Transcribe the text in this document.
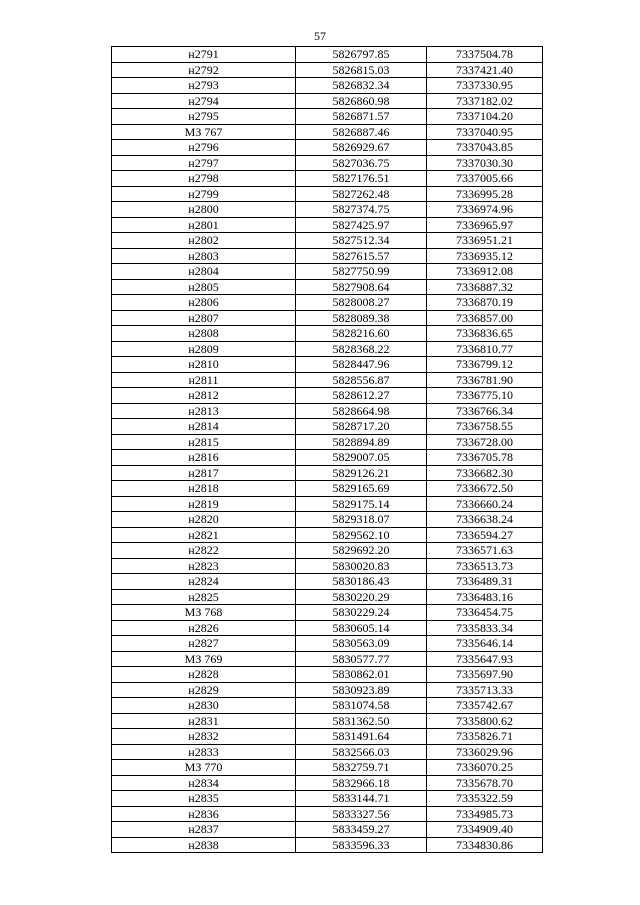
57
н2791	5826797.85	7337504.78
н2792	5826815.03	7337421.40
н2793	5826832.34	7337330.95
н2794	5826860.98	7337182.02
н2795	5826871.57	7337104.20
МЗ 767	5826887.46	7337040.95
н2796	5826929.67	7337043.85
н2797	5827036.75	7337030.30
н2798	5827176.51	7337005.66
н2799	5827262.48	7336995.28
н2800	5827374.75	7336974.96
н2801	5827425.97	7336965.97
н2802	5827512.34	7336951.21
н2803	5827615.57	7336935.12
н2804	5827750.99	7336912.08
н2805	5827908.64	7336887.32
н2806	5828008.27	7336870.19
н2807	5828089.38	7336857.00
н2808	5828216.60	7336836.65
н2809	5828368.22	7336810.77
н2810	5828447.96	7336799.12
н2811	5828556.87	7336781.90
н2812	5828612.27	7336775.10
н2813	5828664.98	7336766.34
н2814	5828717.20	7336758.55
н2815	5828894.89	7336728.00
н2816	5829007.05	7336705.78
н2817	5829126.21	7336682.30
н2818	5829165.69	7336672.50
н2819	5829175.14	7336660.24
н2820	5829318.07	7336638.24
н2821	5829562.10	7336594.27
н2822	5829692.20	7336571.63
н2823	5830020.83	7336513.73
н2824	5830186.43	7336489.31
н2825	5830220.29	7336483.16
МЗ 768	5830229.24	7336454.75
н2826	5830605.14	7335833.34
н2827	5830563.09	7335646.14
МЗ 769	5830577.77	7335647.93
н2828	5830862.01	7335697.90
н2829	5830923.89	7335713.33
н2830	5831074.58	7335742.67
н2831	5831362.50	7335800.62
н2832	5831491.64	7335826.71
н2833	5832566.03	7336029.96
МЗ 770	5832759.71	7336070.25
н2834	5832966.18	7335678.70
н2835	5833144.71	7335322.59
н2836	5833327.56	7334985.73
н2837	5833459.27	7334909.40
н2838	5833596.33	7334830.86
